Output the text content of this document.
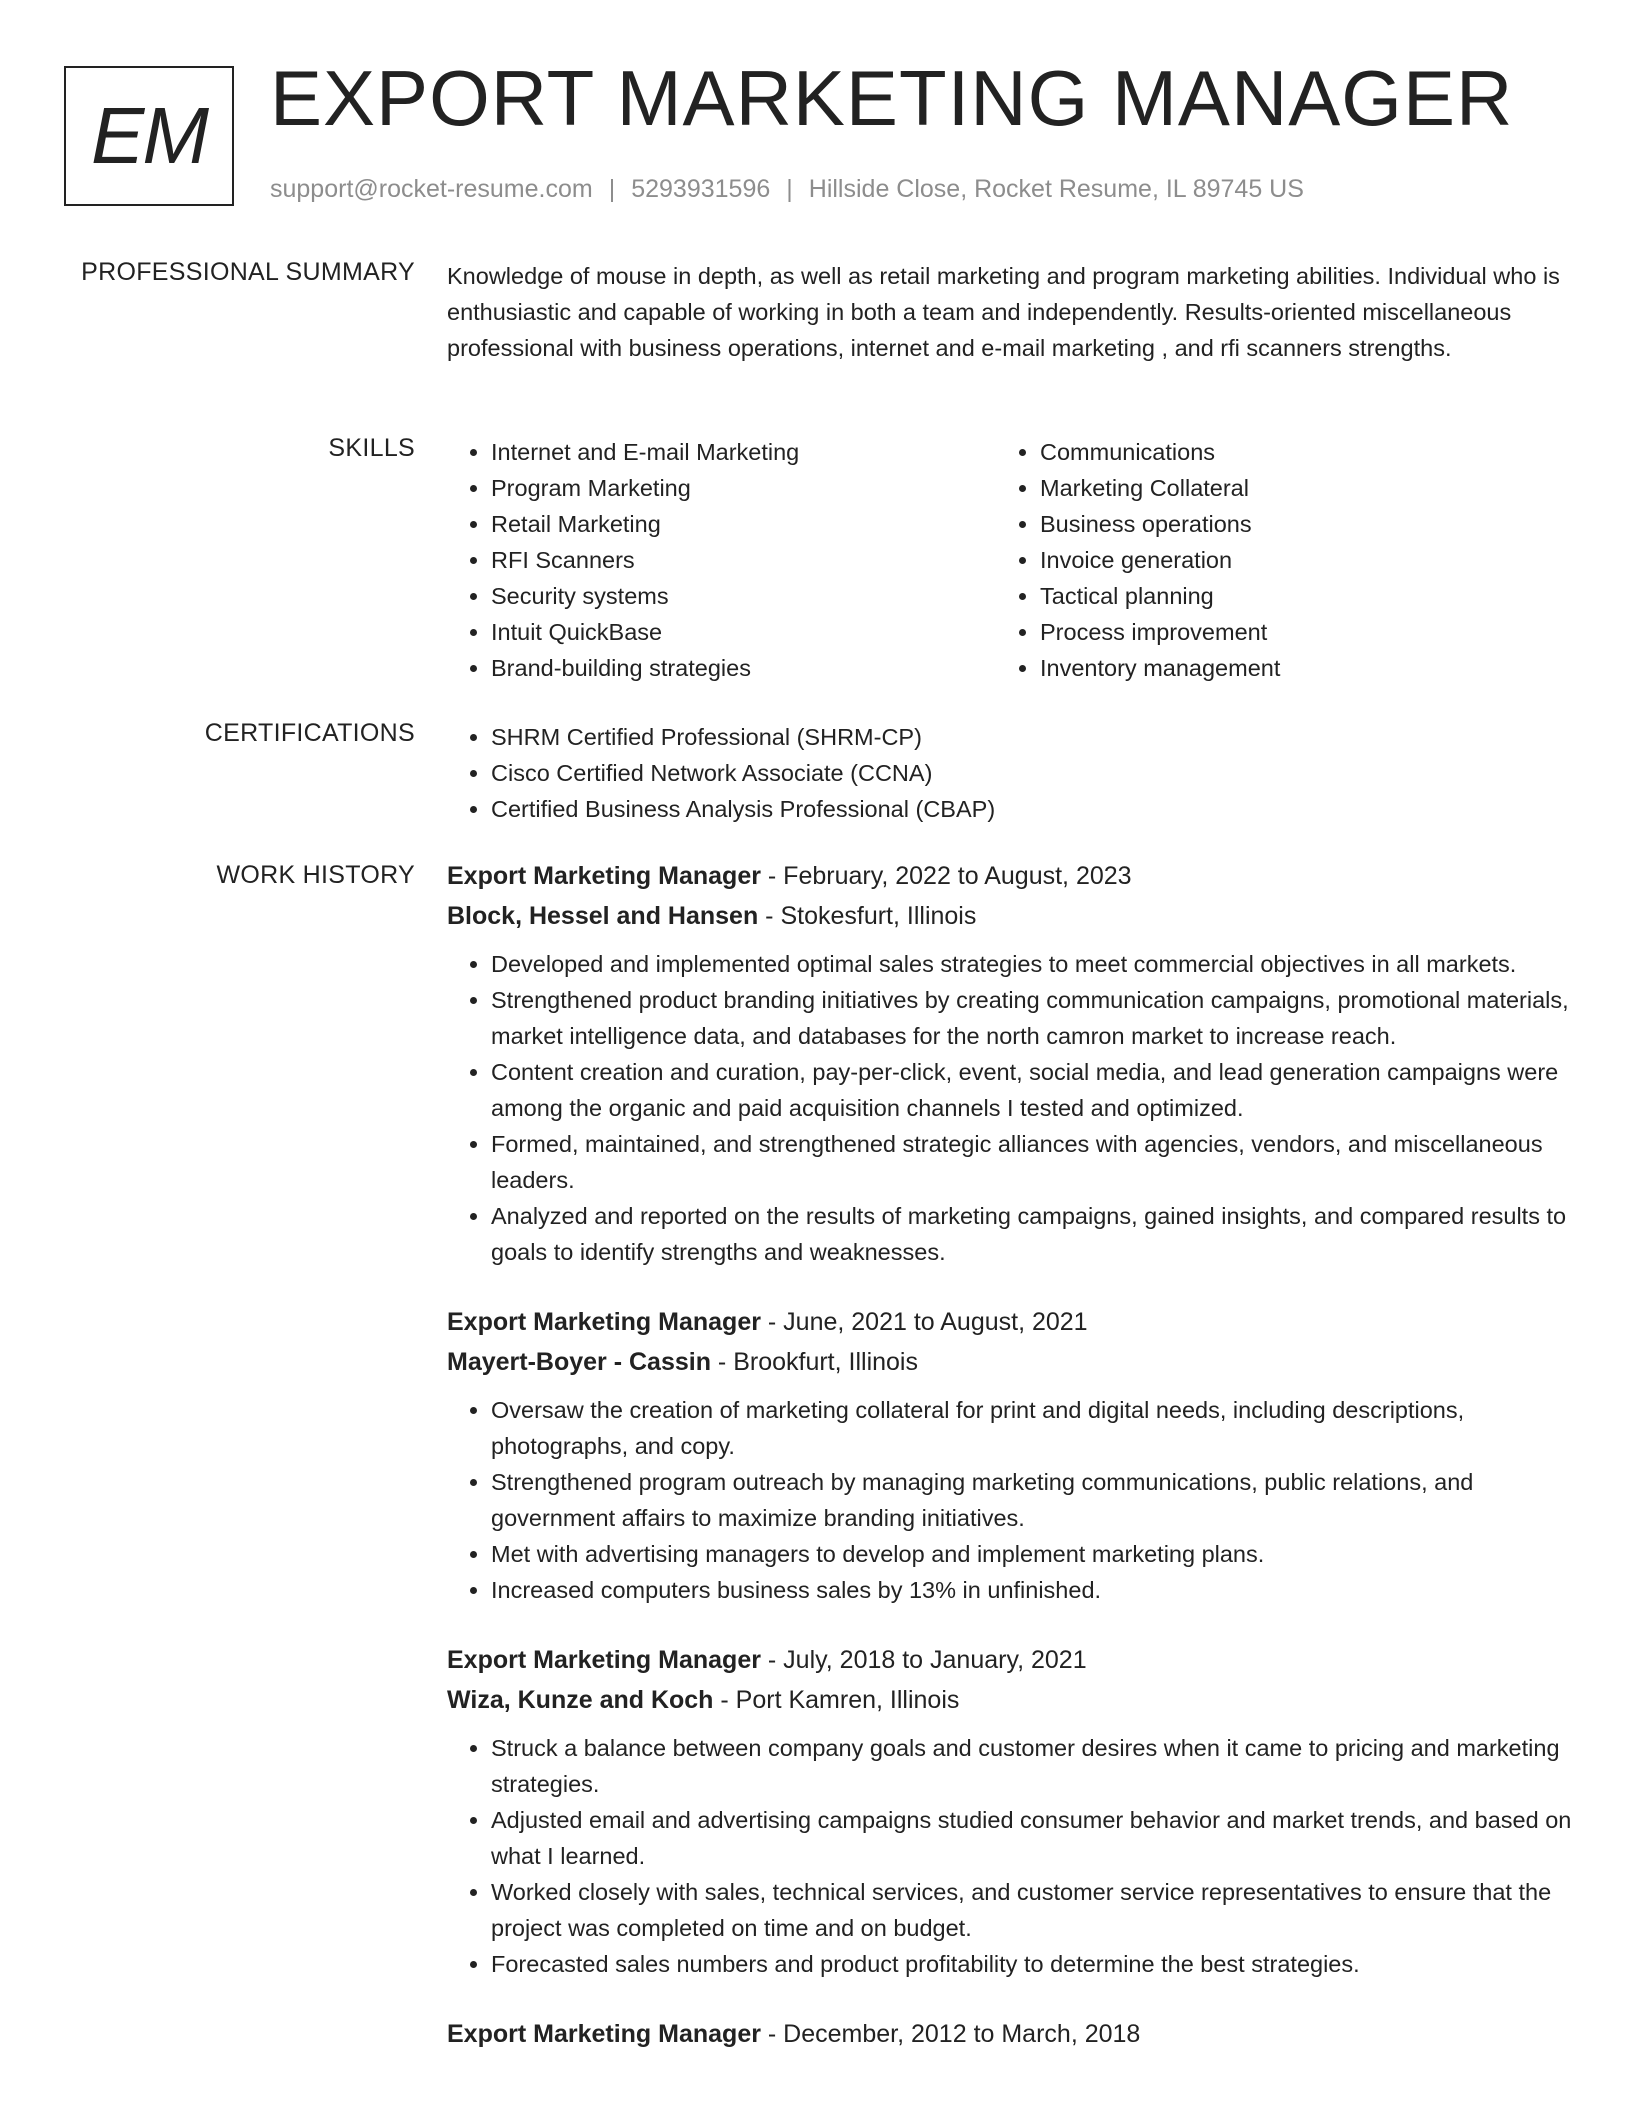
EM EXPORT MARKETING MANAGER
support@rocket-resume.com | 5293931596 | Hillside Close, Rocket Resume, IL 89745 US
PROFESSIONAL SUMMARY Knowledge of mouse in depth, as well as retail marketing and program marketing abilities. Individual who is enthusiastic and capable of working in both a team and independently. Results-oriented miscellaneous professional with business operations, internet and e-mail marketing , and rfi scanners strengths.
SKILLS	• Internet and E-mail Marketing
• Program Marketing
• Retail Marketing
• RFI Scanners
• Security systems
• Intuit QuickBase
• Brand-building strategies
• Communications
• Marketing Collateral
• Business operations
• Invoice generation
• Tactical planning
• Process improvement
• Inventory management
CERTIFICATIONS	• SHRM Certified Professional (SHRM-CP)
• Cisco Certified Network Associate (CCNA)
• Certified Business Analysis Professional (CBAP)
WORK HISTORY Export Marketing Manager - February, 2022 to August, 2023
Block, Hessel and Hansen - Stokesfurt, Illinois
• Developed and implemented optimal sales strategies to meet commercial objectives in all markets.
• Strengthened product branding initiatives by creating communication campaigns, promotional materials, market intelligence data, and databases for the north camron market to increase reach.
• Content creation and curation, pay-per-click, event, social media, and lead generation campaigns were among the organic and paid acquisition channels I tested and optimized.
• Formed, maintained, and strengthened strategic alliances with agencies, vendors, and miscellaneous leaders.
• Analyzed and reported on the results of marketing campaigns, gained insights, and compared results to goals to identify strengths and weaknesses.
Export Marketing Manager - June, 2021 to August, 2021
Mayert-Boyer - Cassin - Brookfurt, Illinois
• Oversaw the creation of marketing collateral for print and digital needs, including descriptions, photographs, and copy.
• Strengthened program outreach by managing marketing communications, public relations, and government affairs to maximize branding initiatives.
• Met with advertising managers to develop and implement marketing plans.
• Increased computers business sales by 13% in unfinished.
Export Marketing Manager - July, 2018 to January, 2021
Wiza, Kunze and Koch - Port Kamren, Illinois
• Struck a balance between company goals and customer desires when it came to pricing and marketing strategies.
• Adjusted email and advertising campaigns studied consumer behavior and market trends, and based on what I learned.
• Worked closely with sales, technical services, and customer service representatives to ensure that the project was completed on time and on budget.
• Forecasted sales numbers and product profitability to determine the best strategies.
Export Marketing Manager - December, 2012 to March, 2018
